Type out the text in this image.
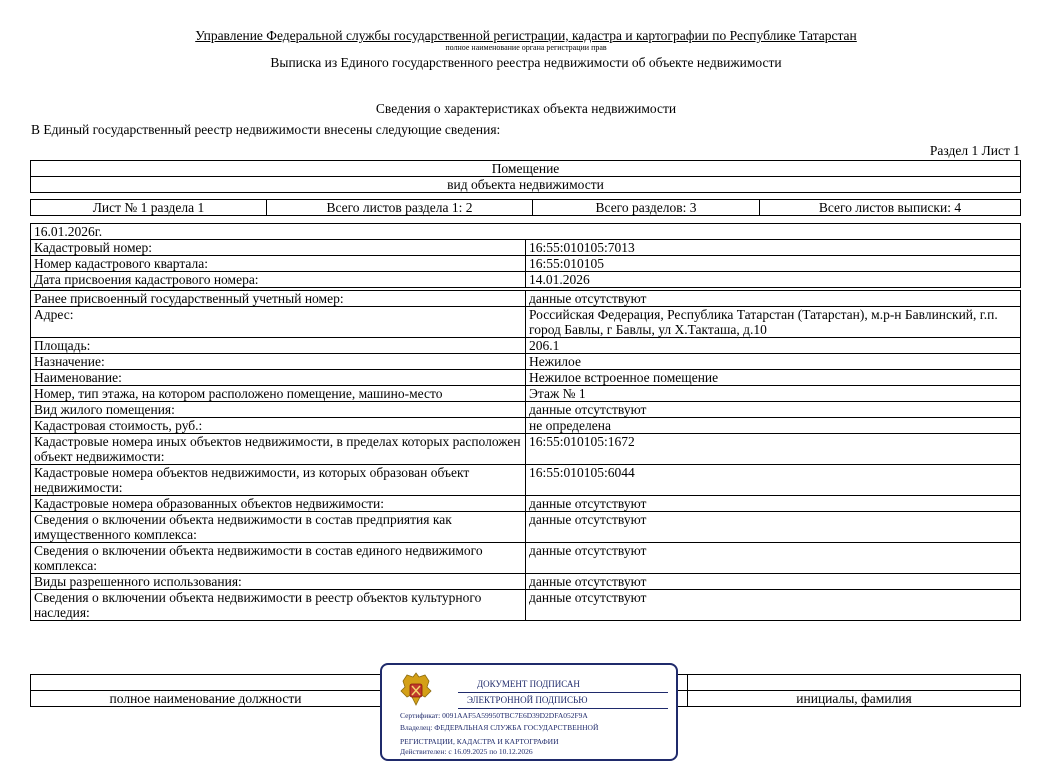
Управление Федеральной службы государственной регистрации, кадастра и картографии по Республике Татарстан
полное наименование органа регистрации прав
Выписка из Единого государственного реестра недвижимости об объекте недвижимости
Сведения о характеристиках объекта недвижимости
В Единый государственный реестр недвижимости внесены следующие сведения:
Раздел 1 Лист 1
Помещение
вид объекта недвижимости
Лист № 1 раздела 1	Всего листов раздела 1: 2	Всего разделов: 3	Всего листов выписки: 4
16.01.2026г.	
Кадастровый номер:	16:55:010105:7013
Номер кадастрового квартала:	16:55:010105
Дата присвоения кадастрового номера:	14.01.2026

Ранее присвоенный государственный учетный номер:	данные отсутствуют
Адрес:	Российская Федерация, Республика Татарстан (Татарстан), м.р-н Бавлинский, г.п. город Бавлы, г Бавлы, ул Х.Такташа, д.10
Площадь:	206.1
Назначение:	Нежилое
Наименование:	Нежилое встроенное помещение
Номер, тип этажа, на котором расположено помещение, машино-место	Этаж № 1
Вид жилого помещения:	данные отсутствуют
Кадастровая стоимость, руб.:	не определена
Кадастровые номера иных объектов недвижимости, в пределах которых расположен объект недвижимости:	16:55:010105:1672
Кадастровые номера объектов недвижимости, из которых образован объект недвижимости:	16:55:010105:6044
Кадастровые номера образованных объектов недвижимости:	данные отсутствуют
Сведения о включении объекта недвижимости в состав предприятия как имущественного комплекса:	данные отсутствуют
Сведения о включении объекта недвижимости в состав единого недвижимого комплекса:	данные отсутствуют
Виды разрешенного использования:	данные отсутствуют
Сведения о включении объекта недвижимости в реестр объектов культурного наследия:	данные отсутствуют

полное наименование должности		инициалы, фамилия
ДОКУМЕНТ ПОДПИСАН
ЭЛЕКТРОННОЙ ПОДПИСЬЮ
Сертификат: 0091AAF5A59950TBC7E6D39D2DFA052F9A
Владелец: ФЕДЕРАЛЬНАЯ СЛУЖБА ГОСУДАРСТВЕННОЙ
РЕГИСТРАЦИИ, КАДАСТРА И КАРТОГРАФИИ
Действителен: с 16.09.2025 по 10.12.2026
